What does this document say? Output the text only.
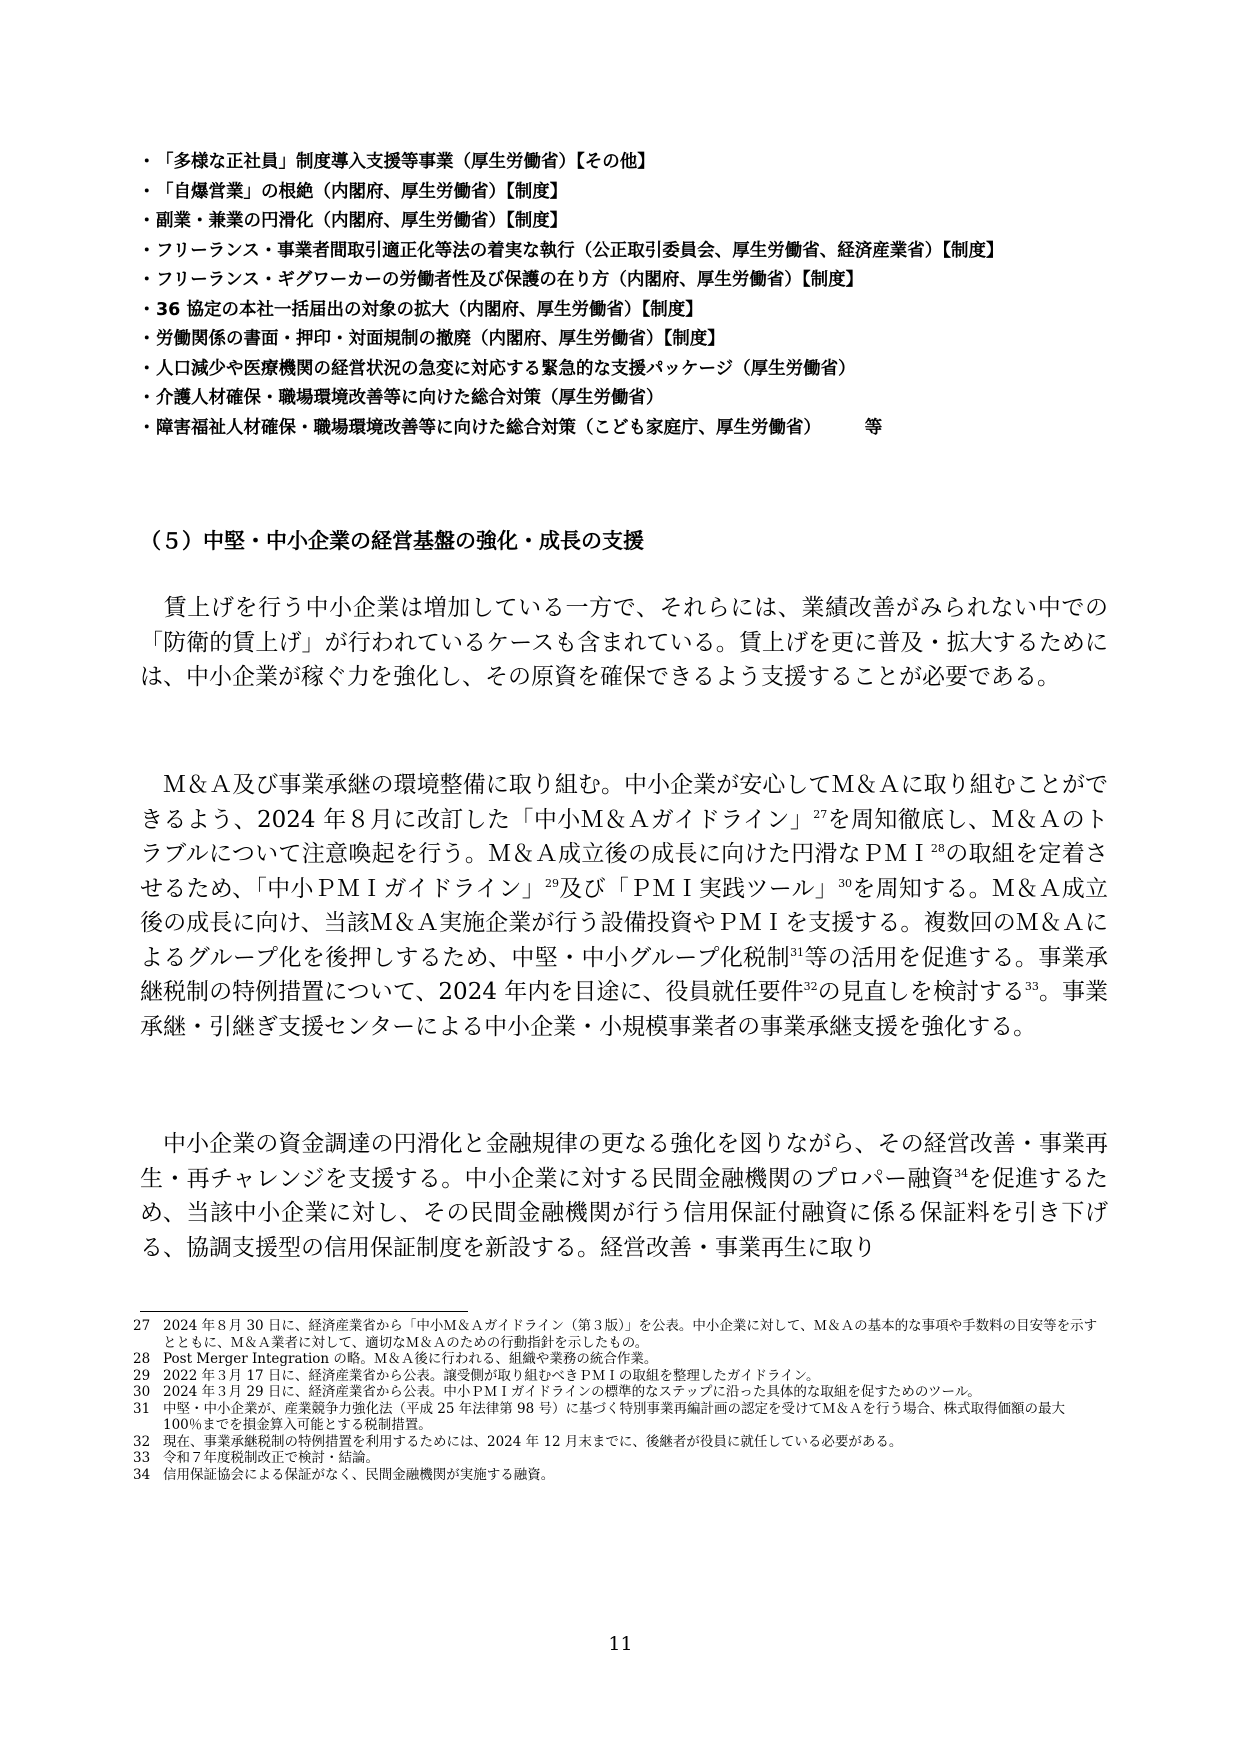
・ 「多様な正社員」制度導入支援等事業（厚生労働省）【その他】
・ 「自爆営業」の根絶（内閣府、厚生労働省）【制度】
・ 副業・兼業の円滑化（内閣府、厚生労働省）【制度】
・ フリーランス・事業者間取引適正化等法の着実な執行（公正取引委員会、厚生労働省、経済産業省）【制度】
・ フリーランス・ギグワーカーの労働者性及び保護の在り方（内閣府、厚生労働省）【制度】
・ 36 協定の本社一括届出の対象の拡大（内閣府、厚生労働省）【制度】
・ 労働関係の書面・押印・対面規制の撤廃（内閣府、厚生労働省）【制度】
・ 人口減少や医療機関の経営状況の急変に対応する緊急的な支援パッケージ（厚生労働省）
・ 介護人材確保・職場環境改善等に向けた総合対策（厚生労働省）
・ 障害福祉人材確保・職場環境改善等に向けた総合対策（こども家庭庁、厚生労働省）　　　等
（５）中堅・中小企業の経営基盤の強化・成長の支援
賃上げを行う中小企業は増加している一方で、それらには、業績改善がみられない中での「防衛的賃上げ」が行われているケースも含まれている。賃上げを更に普及・拡大するためには、中小企業が稼ぐ力を強化し、その原資を確保できるよう支援することが必要である。
Ｍ＆Ａ及び事業承継の環境整備に取り組む。中小企業が安心してＭ＆Ａに取り組むことができるよう、2024 年８月に改訂した「中小Ｍ＆Ａガイドライン」$^{27}$を周知徹底し、Ｍ＆Ａのトラブルについて注意喚起を行う。Ｍ＆Ａ成立後の成長に向けた円滑なＰＭＩ$^{28}$の取組を定着させるため、「中小ＰＭＩガイドライン」$^{29}$及び「ＰＭＩ実践ツール」$^{30}$を周知する。Ｍ＆Ａ成立後の成長に向け、当該Ｍ＆Ａ実施企業が行う設備投資やＰＭＩを支援する。複数回のＭ＆Ａによるグループ化を後押しするため、中堅・中小グループ化税制$^{31}$等の活用を促進する。事業承継税制の特例措置について、2024 年内を目途に、役員就任要件$^{32}$の見直しを検討する$^{33}$。事業承継・引継ぎ支援センターによる中小企業・小規模事業者の事業承継支援を強化する。
中小企業の資金調達の円滑化と金融規律の更なる強化を図りながら、その経営改善・事業再生・再チャレンジを支援する。中小企業に対する民間金融機関のプロパー融資$^{34}$を促進するため、当該中小企業に対し、その民間金融機関が行う信用保証付融資に係る保証料を引き下げる、協調支援型の信用保証制度を新設する。経営改善・事業再生に取り
27 2024 年８月 30 日に、経済産業省から「中小Ｍ＆Ａガイドライン（第３版）」を公表。中小企業に対して、Ｍ＆Ａの基本的な事項や手数料の目安等を示すとともに、Ｍ＆Ａ業者に対して、適切なＭ＆Ａのための行動指針を示したもの。
28 Post Merger Integration の略。Ｍ＆Ａ後に行われる、組織や業務の統合作業。
29 2022 年３月 17 日に、経済産業省から公表。譲受側が取り組むべきＰＭＩの取組を整理したガイドライン。
30 2024 年３月 29 日に、経済産業省から公表。中小ＰＭＩガイドラインの標準的なステップに沿った具体的な取組を促すためのツール。
31 中堅・中小企業が、産業競争力強化法（平成 25 年法律第 98 号）に基づく特別事業再編計画の認定を受けてＭ＆Ａを行う場合、株式取得価額の最大 100％までを損金算入可能とする税制措置。
32 現在、事業承継税制の特例措置を利用するためには、2024 年 12 月末までに、後継者が役員に就任している必要がある。
33 令和７年度税制改正で検討・結論。
34 信用保証協会による保証がなく、民間金融機関が実施する融資。
11
